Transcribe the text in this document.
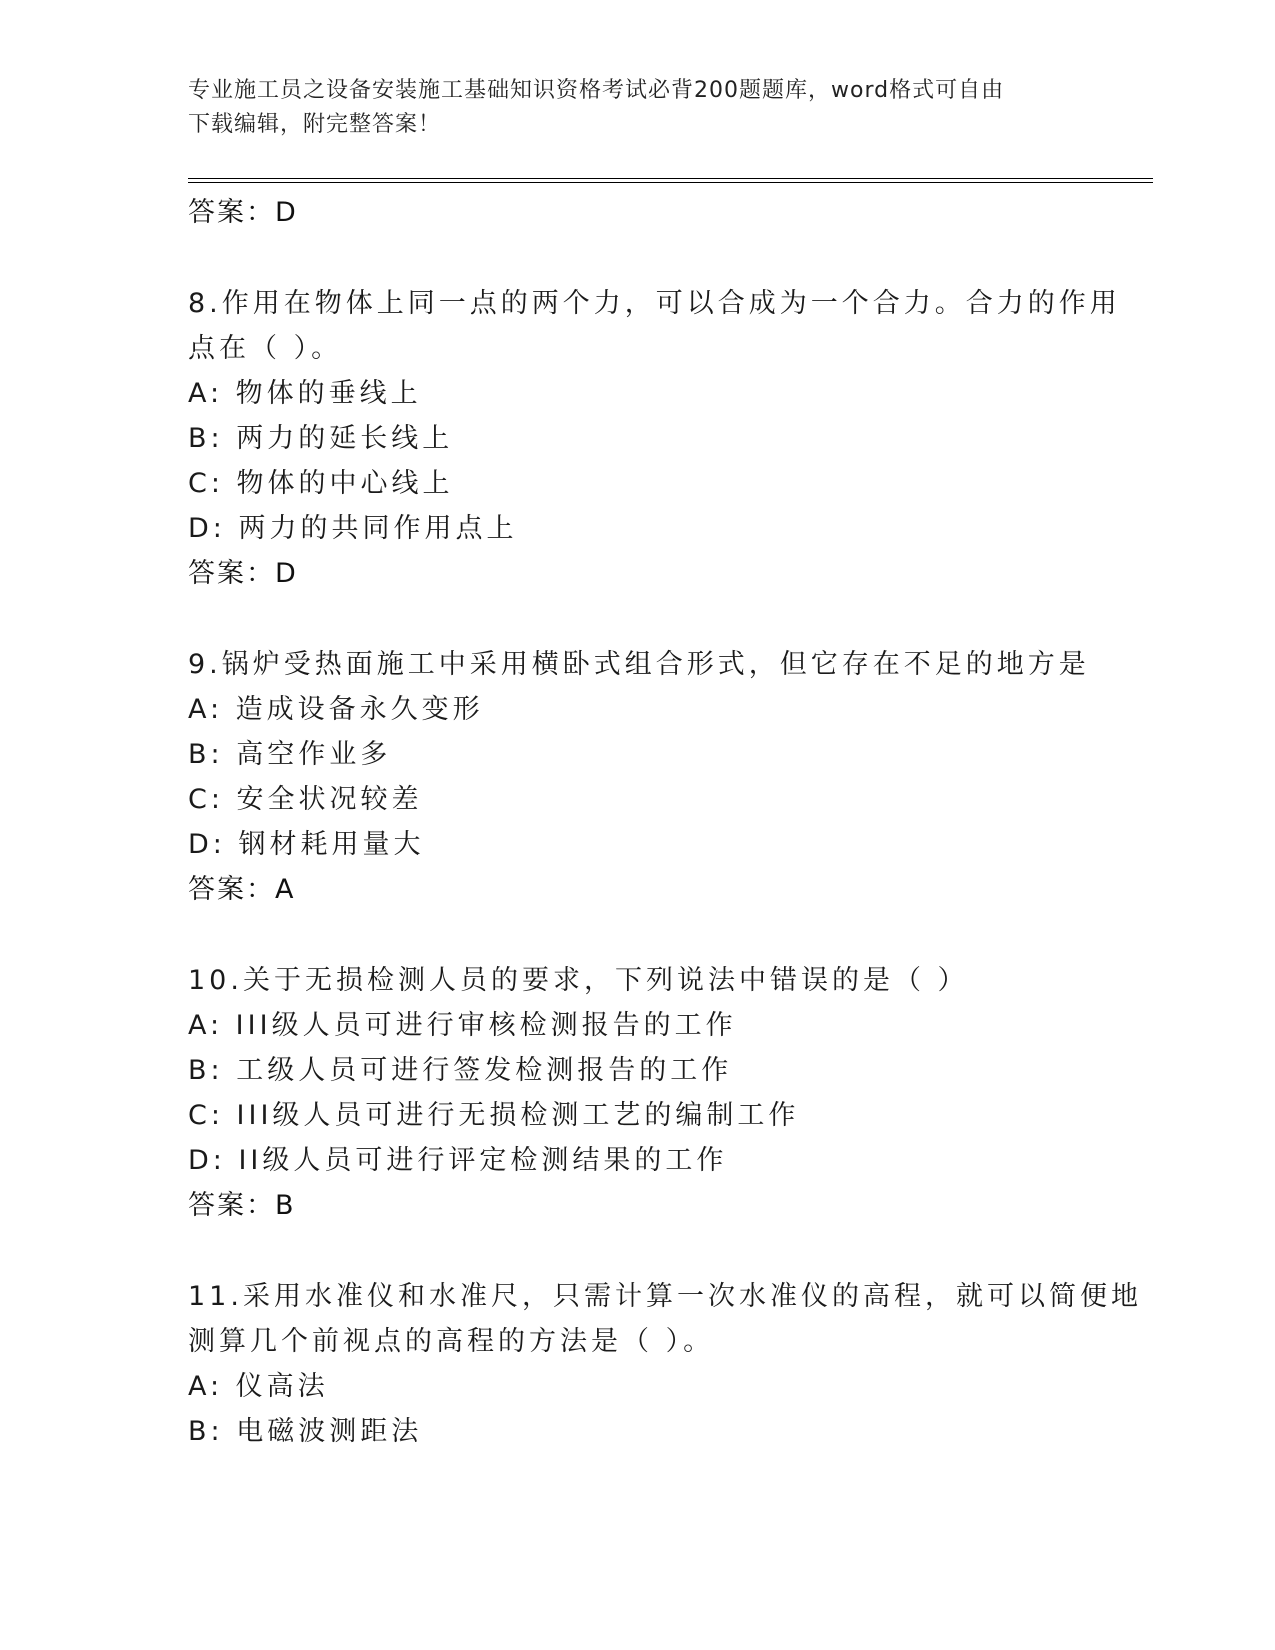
专业施工员之设备安装施工基础知识资格考试必背200题题库，word格式可自由
下载编辑，附完整答案！
答案：D
8.作用在物体上同一点的两个力，可以合成为一个合力。合力的作用
点在（ ）。
A: 物体的垂线上
B: 两力的延长线上
C: 物体的中心线上
D: 两力的共同作用点上
答案：D
9.锅炉受热面施工中采用横卧式组合形式，但它存在不足的地方是
A: 造成设备永久变形
B: 高空作业多
C: 安全状况较差
D: 钢材耗用量大
答案：A
10.关于无损检测人员的要求，下列说法中错误的是（ ）
A: III级人员可进行审核检测报告的工作
B: 工级人员可进行签发检测报告的工作
C: III级人员可进行无损检测工艺的编制工作
D: II级人员可进行评定检测结果的工作
答案：B
11.采用水准仪和水准尺，只需计算一次水准仪的高程，就可以简便地
测算几个前视点的高程的方法是（ ）。
A: 仪高法
B: 电磁波测距法
